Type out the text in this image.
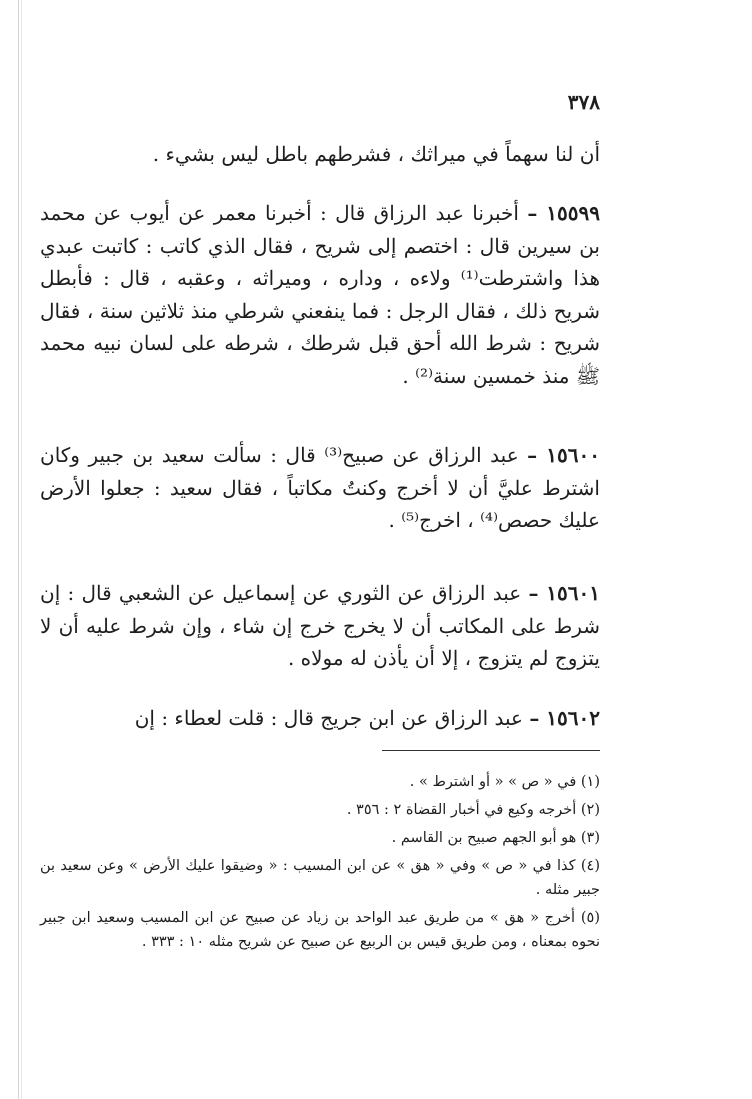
٣٧٨

أن لنا سهماً في ميراثك ، فشرطهم باطل ليس بشيء .

١٥٥٩٩ – أخبرنا عبد الرزاق قال : أخبرنا معمر عن أيوب عن محمد بن سيرين قال : اختصم إلى شريح ، فقال الذي كاتب : كاتبت عبدي هذا واشترطت⁽¹⁾ ولاءه ، وداره ، وميراثه ، وعقبه ، قال : فأبطل شريح ذلك ، فقال الرجل : فما ينفعني شرطي منذ ثلاثين سنة ، فقال شريح : شرط الله أحق قبل شرطك ، شرطه على لسان نبيه محمد ﷺ منذ خمسين سنة⁽²⁾ .

١٥٦٠٠ – عبد الرزاق عن صبيح⁽³⁾ قال : سألت سعيد بن جبير وكان اشترط عليَّ أن لا أخرج وكنتُ مكاتباً ، فقال سعيد : جعلوا الأرض عليك حصص⁽⁴⁾ ، اخرج⁽⁵⁾ .

١٥٦٠١ – عبد الرزاق عن الثوري عن إسماعيل عن الشعبي قال : إن شرط على المكاتب أن لا يخرج خرج إن شاء ، وإن شرط عليه أن لا يتزوج لم يتزوج ، إلا أن يأذن له مولاه .

١٥٦٠٢ – عبد الرزاق عن ابن جريج قال : قلت لعطاء : إن

(١) في « ص » « أو اشترط » .
(٢) أخرجه وكيع في أخبار القضاة ٢ : ٣٥٦ .
(٣) هو أبو الجهم صبيح بن القاسم .
(٤) كذا في « ص » وفي « هق » عن ابن المسيب : « وضيقوا عليك الأرض » وعن سعيد بن جبير مثله .
(٥) أخرج « هق » من طريق عبد الواحد بن زياد عن صبيح عن ابن المسيب وسعيد ابن جبير نحوه بمعناه ، ومن طريق قيس بن الربيع عن صبيح عن شريح مثله ١٠ : ٣٣٣ .
